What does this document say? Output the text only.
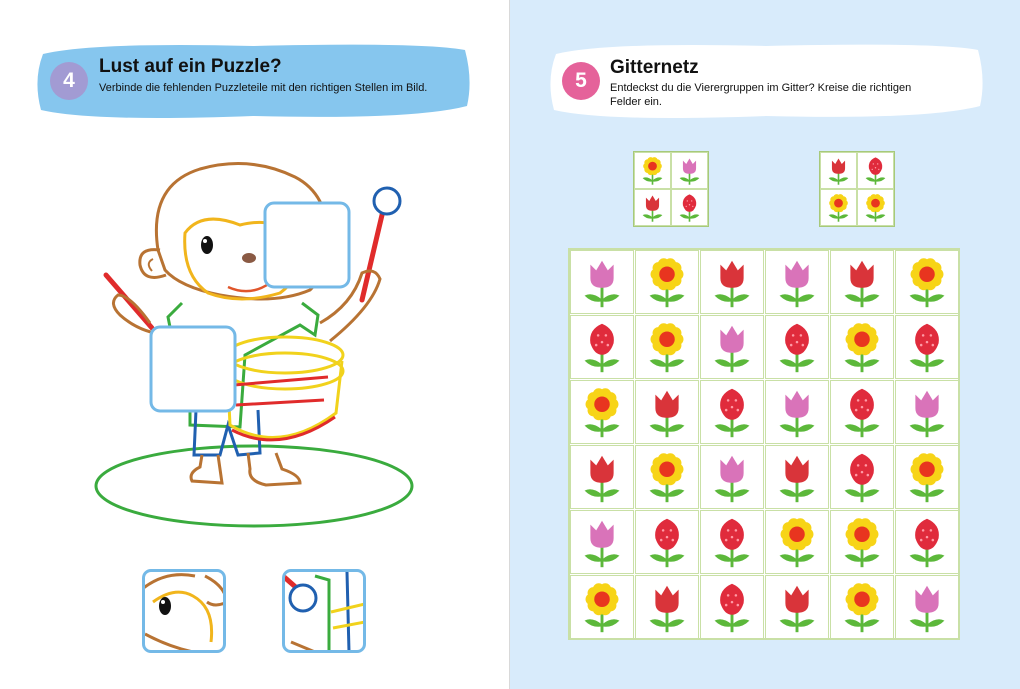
4
Lust auf ein Puzzle?
Verbinde die fehlenden Puzzleteile mit den richtigen Stellen im Bild.	5
Gitternetz
Entdeckst du die Vierergruppen im Gitter? Kreise die richtigen Felder ein.
